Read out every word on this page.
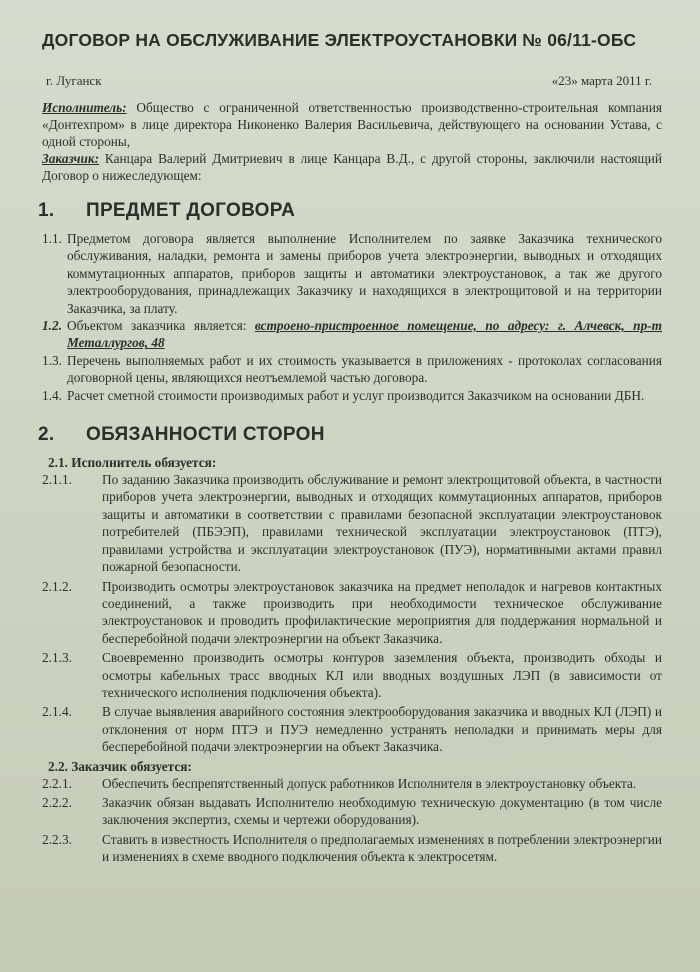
ДОГОВОР НА ОБСЛУЖИВАНИЕ ЭЛЕКТРОУСТАНОВКИ № 06/11-ОБС
г. Луганск	«23» марта 2011 г.

Исполнитель: Общество с ограниченной ответственностью производственно-строительная компания «Донтехпром» в лице директора Никоненко Валерия Васильевича, действующего на основании Устава, с одной стороны,

Заказчик: Канцара Валерий Дмитриевич в лице Канцара В.Д., с другой стороны, заключили настоящий Договор о нижеследующем:

1.	ПРЕДМЕТ ДОГОВОРА
1.1. Предметом договора является выполнение Исполнителем по заявке Заказчика технического обслуживания, наладки, ремонта и замены приборов учета электроэнергии, выводных и отходящих коммутационных аппаратов, приборов защиты и автоматики электроустановок, а так же другого электрооборудования, принадлежащих Заказчику и находящихся в электрощитовой и на территории Заказчика, за плату.
1.2. Объектом заказчика является: встроено-пристроенное помещение, по адресу: г. Алчевск, пр-т Металлургов, 48
1.3. Перечень выполняемых работ и их стоимость указывается в приложениях - протоколах согласования договорной цены, являющихся неотъемлемой частью договора.
1.4. Расчет сметной стоимости производимых работ и услуг производится Заказчиком на основании ДБН.
2.	ОБЯЗАННОСТИ СТОРОН
2.1. Исполнитель обязуется:
2.1.1.	По заданию Заказчика производить обслуживание и ремонт электрощитовой объекта, в частности приборов учета электроэнергии, выводных и отходящих коммутационных аппаратов, приборов защиты и автоматики в соответствии с правилами безопасной эксплуатации электроустановок потребителей (ПБЭЭП), правилами технической эксплуатации электроустановок (ПТЭ), правилами устройства и эксплуатации электроустановок (ПУЭ), нормативными актами правил пожарной безопасности.
2.1.2.	Производить осмотры электроустановок заказчика на предмет неполадок и нагревов контактных соединений, а также производить при необходимости техническое обслуживание электроустановок и проводить профилактические мероприятия для поддержания нормальной и бесперебойной подачи электроэнергии на объект Заказчика.
2.1.3.	Своевременно производить осмотры контуров заземления объекта, производить обходы и осмотры кабельных трасс вводных КЛ или вводных воздушных ЛЭП (в зависимости от технического исполнения подключения объекта).
2.1.4.	В случае выявления аварийного состояния электрооборудования заказчика и вводных КЛ (ЛЭП) и отклонения от норм ПТЭ и ПУЭ немедленно устранять неполадки и принимать меры для бесперебойной подачи электроэнергии на объект Заказчика.
2.2. Заказчик обязуется:
2.2.1.	Обеспечить беспрепятственный допуск работников Исполнителя в электроустановку объекта.
2.2.2.	Заказчик обязан выдавать Исполнителю необходимую техническую документацию (в том числе заключения экспертиз, схемы и чертежи оборудования).
2.2.3.	Ставить в известность Исполнителя о предполагаемых изменениях в потреблении электроэнергии и изменениях в схеме вводного подключения объекта к электросетям.
